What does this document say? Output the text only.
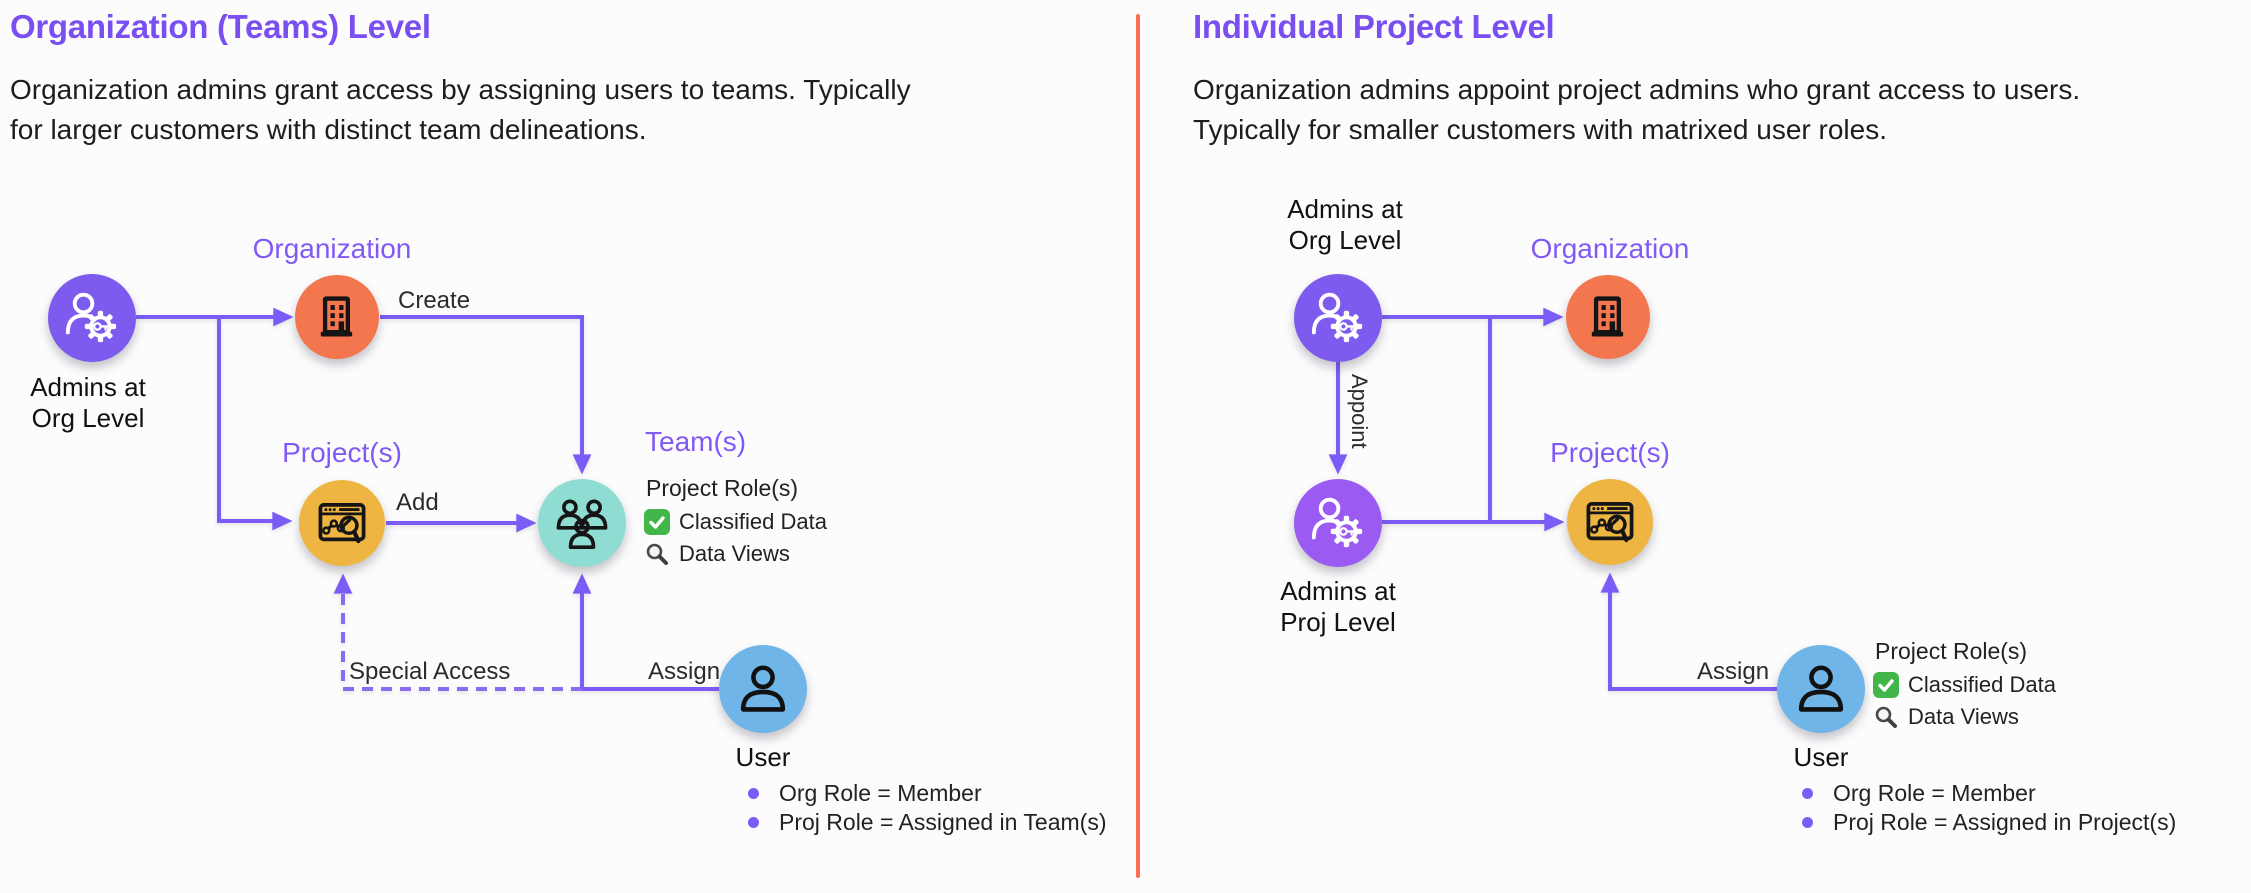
Organization (Teams) Level
Organization admins grant access by assigning users to teams. Typically
for larger customers with distinct team delineations.
Individual Project Level
Organization admins appoint project admins who grant access to users.
Typically for smaller customers with matrixed user roles.
Admins at Org Level
Organization
Project(s)	Team(s)
User
Create
Add
Assign
Special Access
Project Role(s)
Classified Data
Data Views
Org Role = Member
Proj Role = Assigned in Team(s)
Admins at Org Level	Organization
Admins at Proj Level
Project(s)
User
Appoint
Assign
Project Role(s)
Classified Data
Data Views
Org Role = Member
Proj Role = Assigned in Project(s)
